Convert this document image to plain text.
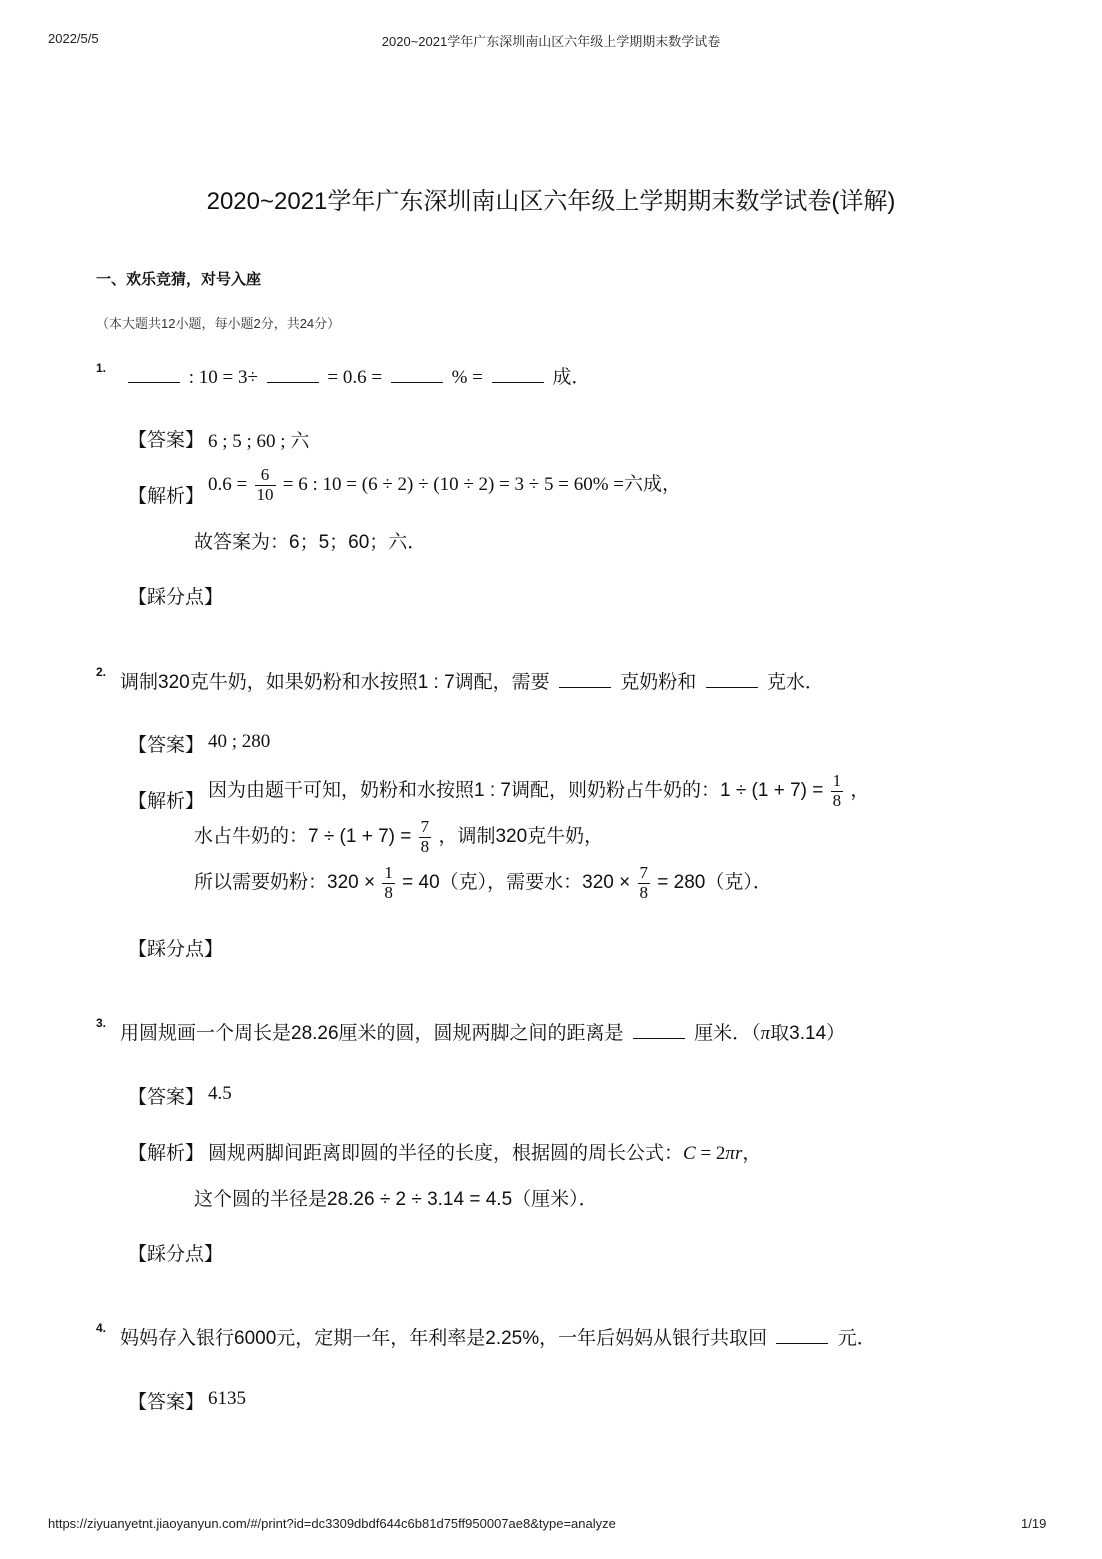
2022/5/5	2020~2021学年广东深圳南山区六年级上学期期末数学试卷
2020~2021学年广东深圳南山区六年级上学期期末数学试卷(详解)
一、欢乐竞猜，对号入座
（本大题共12小题，每小题2分，共24分）
1.	: 10 = 3÷	= 0.6 =	% =	成．
【答案】 6 ; 5 ; 60 ; 六
【解析】
$0.6 = \frac{6}{10} = 6$ : 10 = (6 ÷ 2) ÷ (10 ÷ 2) = 3 ÷ 5 = 60% =六成，
故答案为：6；5；60；六．
【踩分点】
2. 调制320克牛奶，如果奶粉和水按照1 : 7调配，需要	克奶粉和	克水．
【答案】 40 ; 280
【解析】
因为由题干可知，奶粉和水按照1 : 7调配，则奶粉占牛奶的：$1 \div (1 + 7) = \frac{1}{8}$ ，
水占牛奶的：$7 \div (1 + 7) = \frac{7}{8}$ ，调制320克牛奶，
所以需要奶粉：$320 \times \frac{1}{8} = 40$（克），需要水：$320 \times \frac{7}{8} = 280$（克）．
【踩分点】
3. 用圆规画一个周长是28.26厘米的圆，圆规两脚之间的距离是	厘米．（π取3.14）
【答案】 4.5
【解析】 圆规两脚间距离即圆的半径的长度，根据圆的周长公式：C = 2πr，
这个圆的半径是28.26 ÷ 2 ÷ 3.14 = 4.5（厘米）．
【踩分点】
4. 妈妈存入银行6000元，定期一年，年利率是2.25%，一年后妈妈从银行共取回	元．
【答案】 6135
https://ziyuanyetnt.jiaoyanyun.com/#/print?id=dc3309dbdf644c6b81d75ff950007ae8&type=analyze	1/19
